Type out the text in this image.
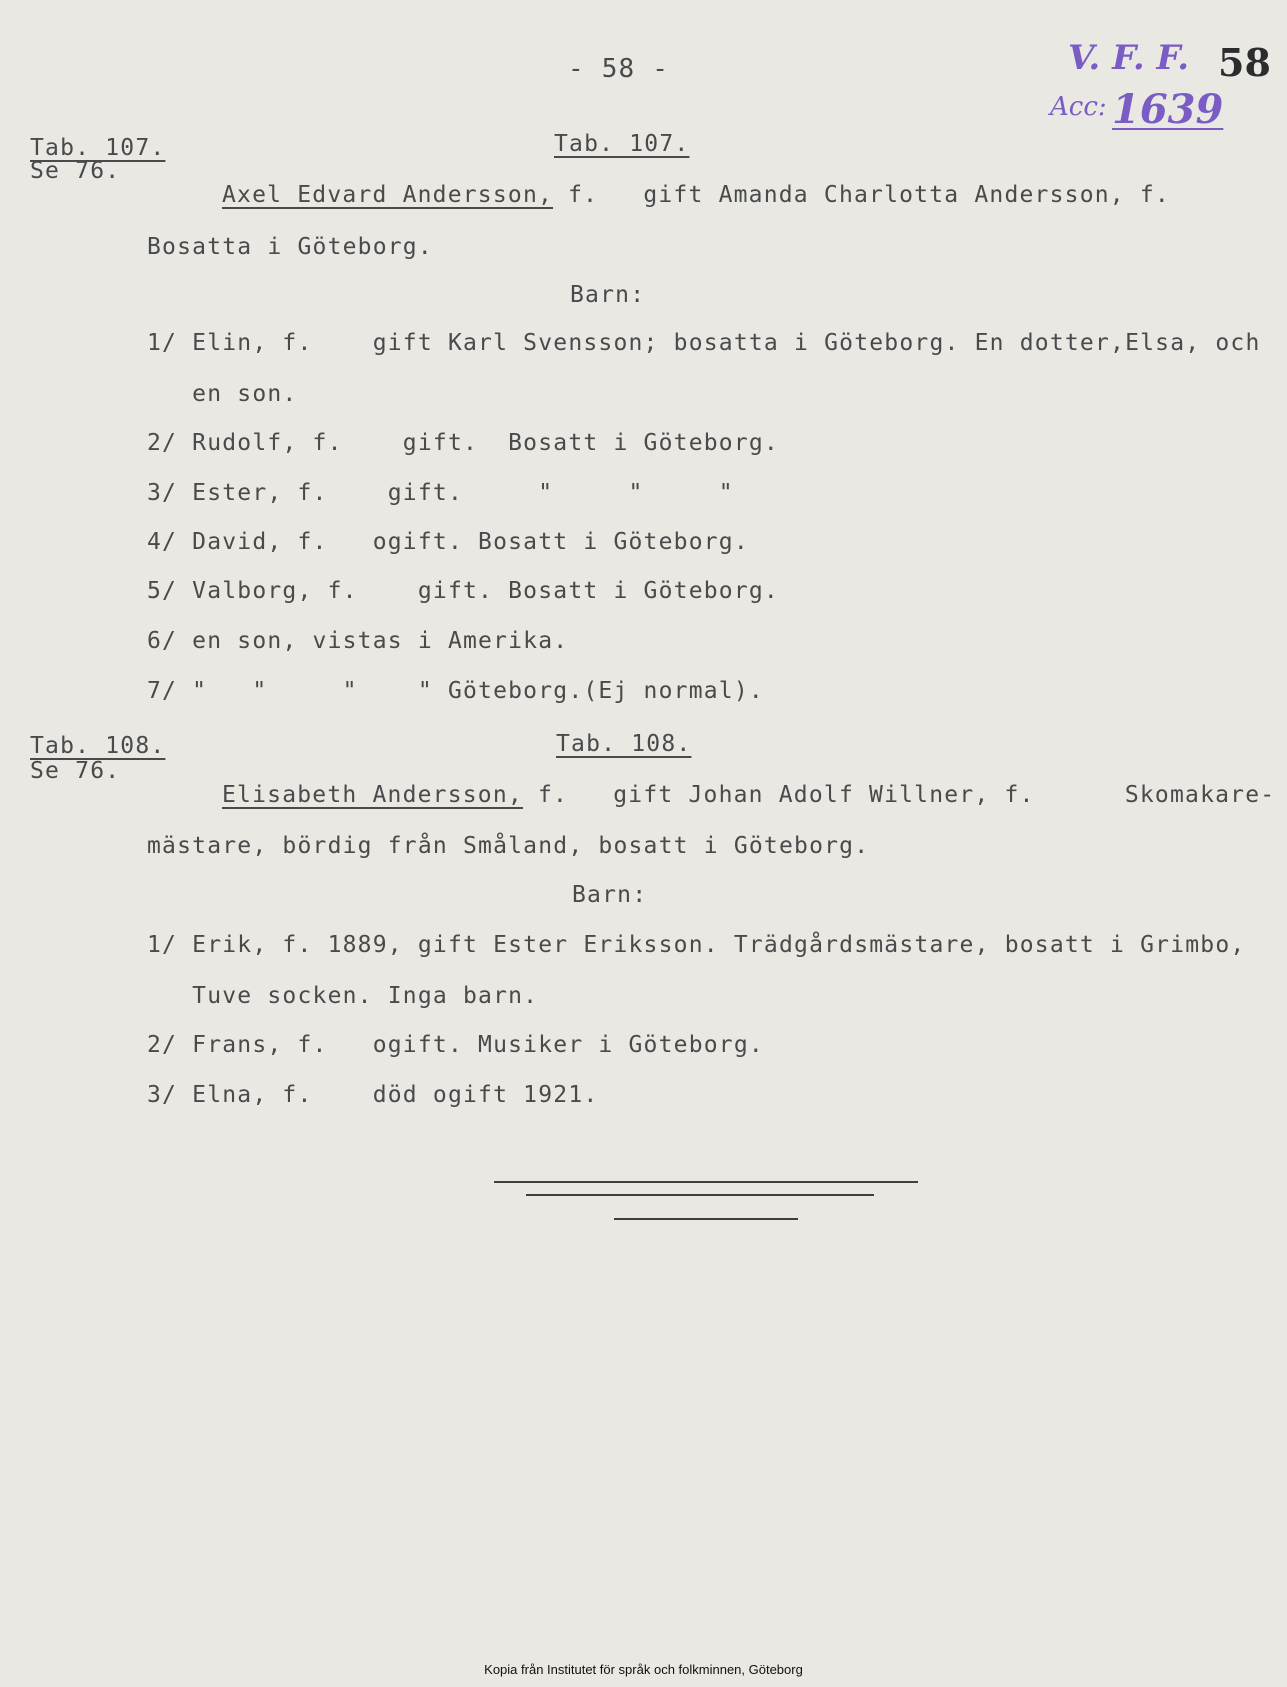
- 58 -	V. F. F. 58
Acc: 1639
Tab. 107.
Se 76.
Tab. 107.
Axel Edvard Andersson, f.   gift Amanda Charlotta Andersson, f.
Bosatta i Göteborg.
Barn:
1/ Elin, f.    gift Karl Svensson; bosatta i Göteborg. En dotter,Elsa, och
en son.
2/ Rudolf, f.    gift.  Bosatt i Göteborg.
3/ Ester, f.    gift.     "     "     "
4/ David, f.   ogift. Bosatt i Göteborg.
5/ Valborg, f.    gift. Bosatt i Göteborg.
6/ en son, vistas i Amerika.
7/ "   "     "    " Göteborg.(Ej normal).
Tab. 108.
Se 76.
Tab. 108.
Elisabeth Andersson, f.   gift Johan Adolf Willner, f.      Skomakare-
mästare, bördig från Småland, bosatt i Göteborg.
Barn:
1/ Erik, f. 1889, gift Ester Eriksson. Trädgårdsmästare, bosatt i Grimbo,
Tuve socken. Inga barn.
2/ Frans, f.   ogift. Musiker i Göteborg.
3/ Elna, f.    död ogift 1921.
Kopia från Institutet för språk och folkminnen, Göteborg
